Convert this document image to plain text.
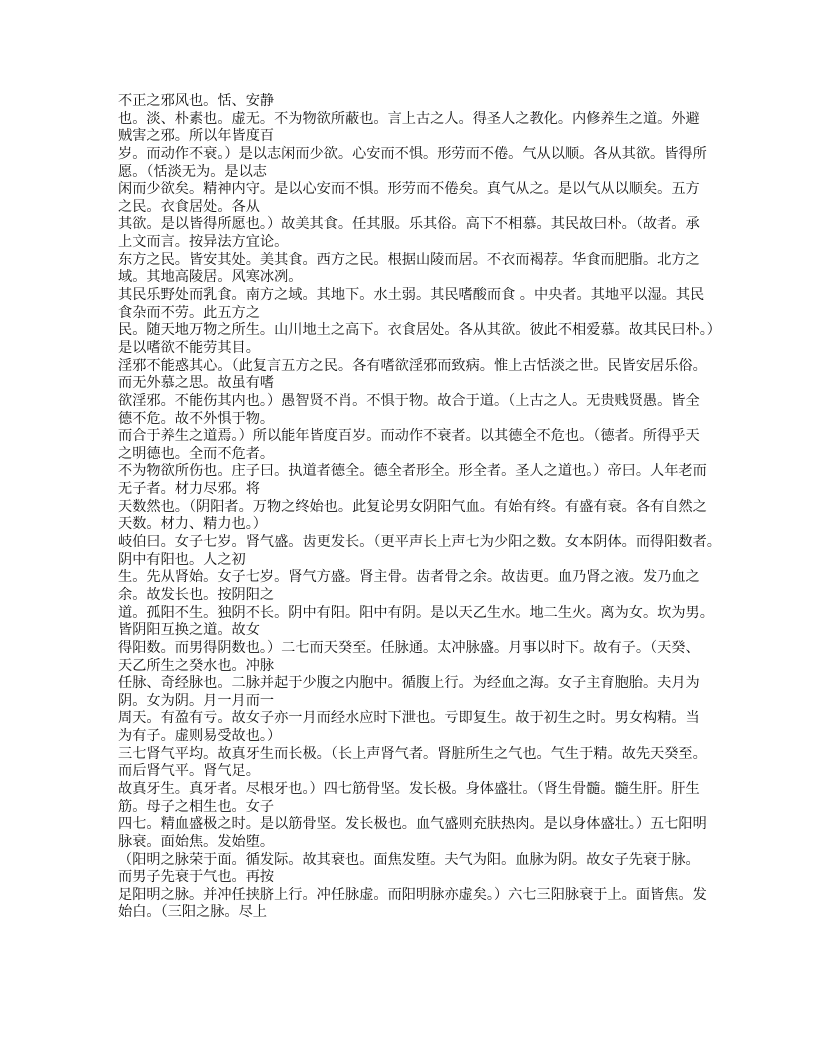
不正之邪风也。恬、安静
也。淡、朴素也。虚无。不为物欲所蔽也。言上古之人。得圣人之教化。内修养生之道。外避
贼害之邪。所以年皆度百
岁。而动作不衰。）是以志闲而少欲。心安而不惧。形劳而不倦。气从以顺。各从其欲。皆得所
愿。（恬淡无为。是以志
闲而少欲矣。精神内守。是以心安而不惧。形劳而不倦矣。真气从之。是以气从以顺矣。五方
之民。衣食居处。各从
其欲。是以皆得所愿也。）故美其食。任其服。乐其俗。高下不相慕。其民故曰朴。（故者。承
上文而言。按异法方宜论。
东方之民。皆安其处。美其食。西方之民。根据山陵而居。不衣而褐荐。华食而肥脂。北方之
域。其地高陵居。风寒冰冽。
其民乐野处而乳食。南方之域。其地下。水土弱。其民嗜酸而食 。中央者。其地平以湿。其民
食杂而不劳。此五方之
民。随天地万物之所生。山川地土之高下。衣食居处。各从其欲。彼此不相爱慕。故其民曰朴。）
是以嗜欲不能劳其目。
淫邪不能惑其心。（此复言五方之民。各有嗜欲淫邪而致病。惟上古恬淡之世。民皆安居乐俗。
而无外慕之思。故虽有嗜
欲淫邪。不能伤其内也。）愚智贤不肖。不惧于物。故合于道。（上古之人。无贵贱贤愚。皆全
德不危。故不外惧于物。
而合于养生之道焉。）所以能年皆度百岁。而动作不衰者。以其德全不危也。（德者。所得乎天
之明德也。全而不危者。
不为物欲所伤也。庄子曰。执道者德全。德全者形全。形全者。圣人之道也。）帝曰。人年老而
无子者。材力尽邪。将
天数然也。（阴阳者。万物之终始也。此复论男女阴阳气血。有始有终。有盛有衰。各有自然之
天数。材力、精力也。）
岐伯曰。女子七岁。肾气盛。齿更发长。（更平声长上声七为少阳之数。女本阴体。而得阳数者。
阴中有阳也。人之初
生。先从肾始。女子七岁。肾气方盛。肾主骨。齿者骨之余。故齿更。血乃肾之液。发乃血之
余。故发长也。按阴阳之
道。孤阳不生。独阴不长。阴中有阳。阳中有阴。是以天乙生水。地二生火。离为女。坎为男。
皆阴阳互换之道。故女
得阳数。而男得阴数也。）二七而天癸至。任脉通。太冲脉盛。月事以时下。故有子。（天癸、
天乙所生之癸水也。冲脉
任脉、奇经脉也。二脉并起于少腹之内胞中。循腹上行。为经血之海。女子主育胞胎。夫月为
阴。女为阴。月一月而一
周天。有盈有亏。故女子亦一月而经水应时下泄也。亏即复生。故于初生之时。男女构精。当
为有子。虚则易受故也。）
三七肾气平均。故真牙生而长极。（长上声肾气者。肾脏所生之气也。气生于精。故先天癸至。
而后肾气平。肾气足。
故真牙生。真牙者。尽根牙也。）四七筋骨坚。发长极。身体盛壮。（肾生骨髓。髓生肝。肝生
筋。母子之相生也。女子
四七。精血盛极之时。是以筋骨坚。发长极也。血气盛则充肤热肉。是以身体盛壮。）五七阳明
脉衰。面始焦。发始堕。
（阳明之脉荣于面。循发际。故其衰也。面焦发堕。夫气为阳。血脉为阴。故女子先衰于脉。
而男子先衰于气也。再按
足阳明之脉。并冲任挟脐上行。冲任脉虚。而阳明脉亦虚矣。）六七三阳脉衰于上。面皆焦。发
始白。（三阳之脉。尽上
